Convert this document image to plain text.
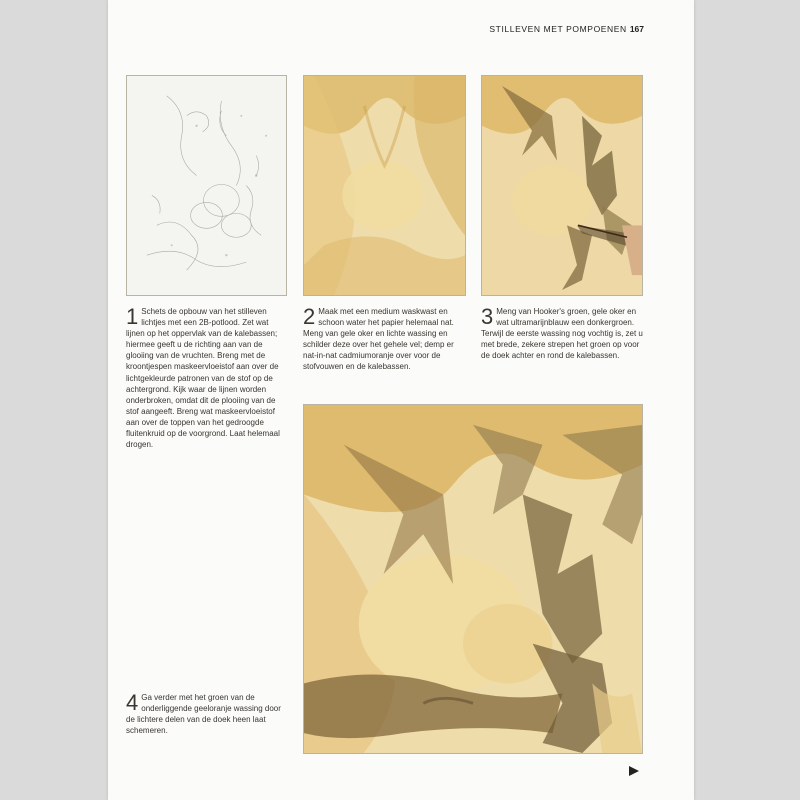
STILLEVEN MET POMPOENEN 167
1 Schets de opbouw van het stilleven lichtjes met een 2B-potlood. Zet wat lijnen op het oppervlak van de kalebassen; hiermee geeft u de richting aan van de glooiing van de vruchten. Breng met de kroontjespen maskeervloeistof aan over de lichtgekleurde patronen van de stof op de achtergrond. Kijk waar de lijnen worden onderbroken, omdat dit de plooiing van de stof aangeeft. Breng wat maskeervloeistof aan over de toppen van het gedroogde fluitenkruid op de voorgrond. Laat helemaal drogen.
2 Maak met een medium waskwast en schoon water het papier helemaal nat. Meng van gele oker en lichte wassing en schilder deze over het gehele vel; demp er nat-in-nat cadmiumoranje over voor de stofvouwen en de kalebassen.
3 Meng van Hooker's groen, gele oker en wat ultramarijnblauw een donkergroen. Terwijl de eerste wassing nog vochtig is, zet u met brede, zekere strepen het groen op voor de doek achter en rond de kalebassen.
4 Ga verder met het groen van de onderliggende geeloranje wassing door de lichtere delen van de doek heen laat schemeren.
